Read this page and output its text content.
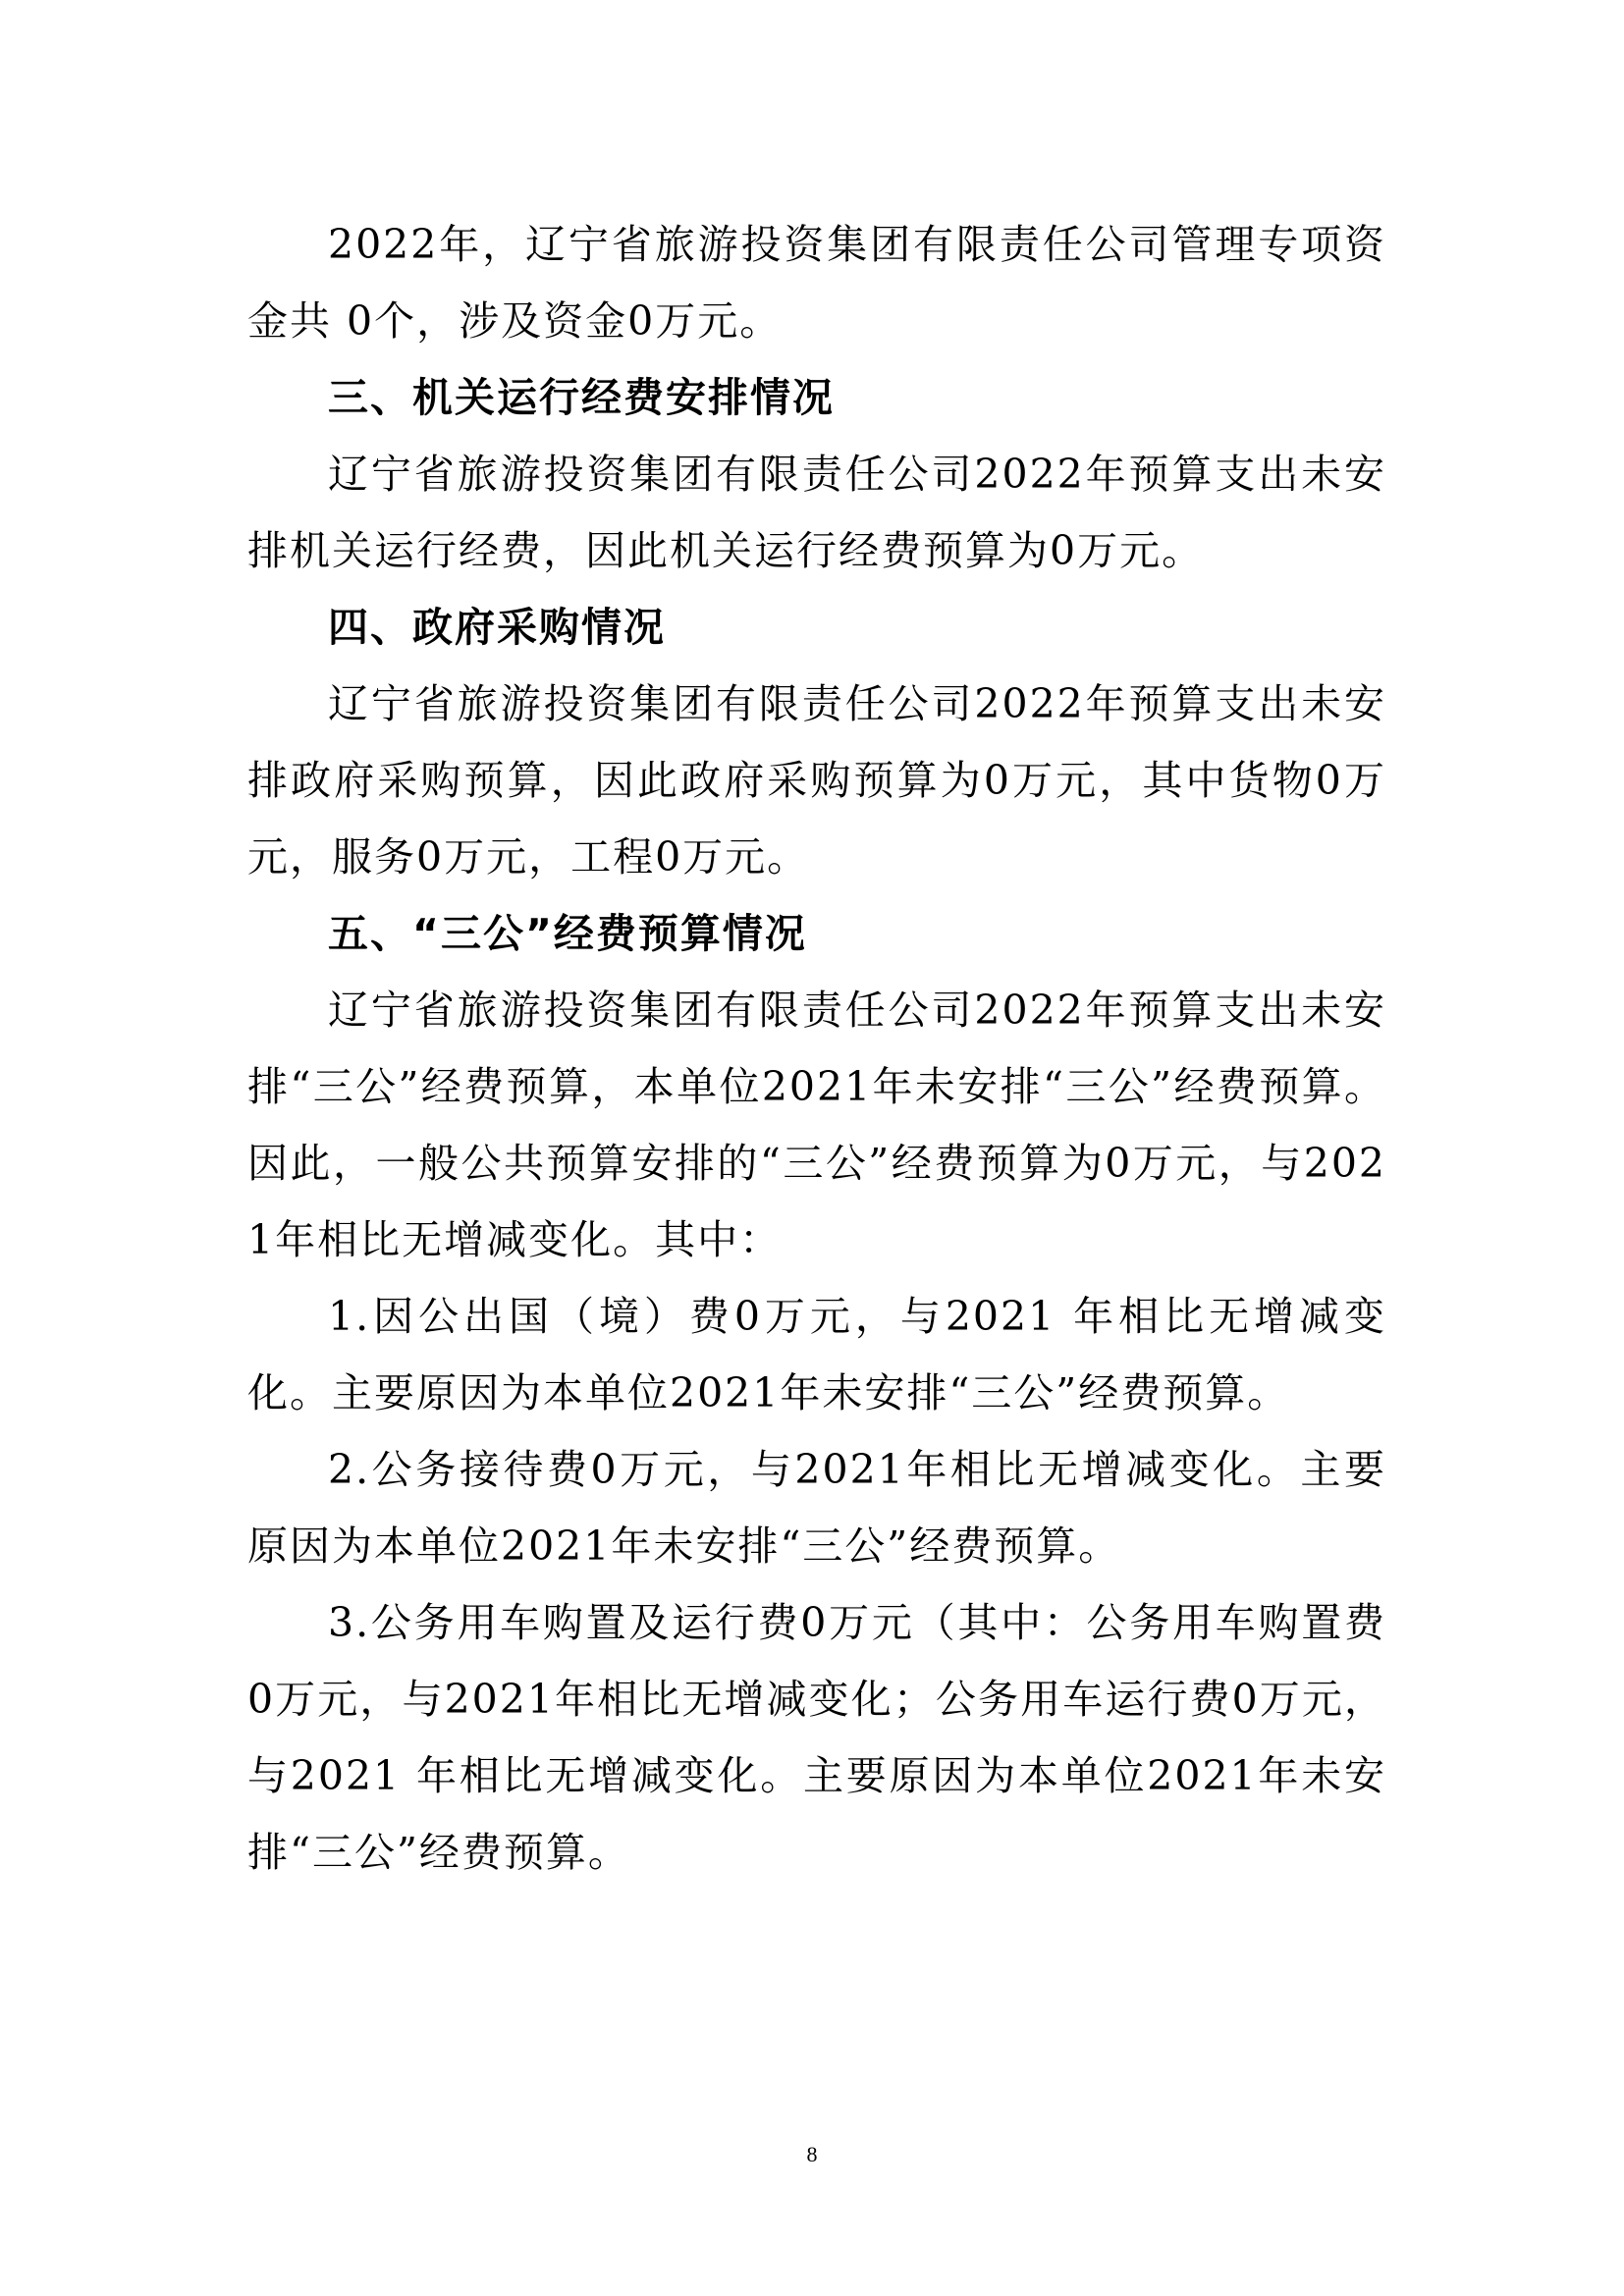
2022年，辽宁省旅游投资集团有限责任公司管理专项资金共 0个，涉及资金0万元。

三、机关运行经费安排情况

辽宁省旅游投资集团有限责任公司2022年预算支出未安排机关运行经费，因此机关运行经费预算为0万元。

四、政府采购情况

辽宁省旅游投资集团有限责任公司2022年预算支出未安排政府采购预算，因此政府采购预算为0万元，其中货物0万元，服务0万元，工程0万元。

五、“三公”经费预算情况

辽宁省旅游投资集团有限责任公司2022年预算支出未安排“三公”经费预算，本单位2021年未安排“三公”经费预算。因此，一般公共预算安排的“三公”经费预算为0万元，与2021年相比无增减变化。其中：

1.因公出国（境）费0万元，与2021 年相比无增减变化。主要原因为本单位2021年未安排“三公”经费预算。

2.公务接待费0万元，与2021年相比无增减变化。主要原因为本单位2021年未安排“三公”经费预算。

3.公务用车购置及运行费0万元（其中：公务用车购置费0万元，与2021年相比无增减变化；公务用车运行费0万元，与2021 年相比无增减变化。主要原因为本单位2021年未安排“三公”经费预算。

8
